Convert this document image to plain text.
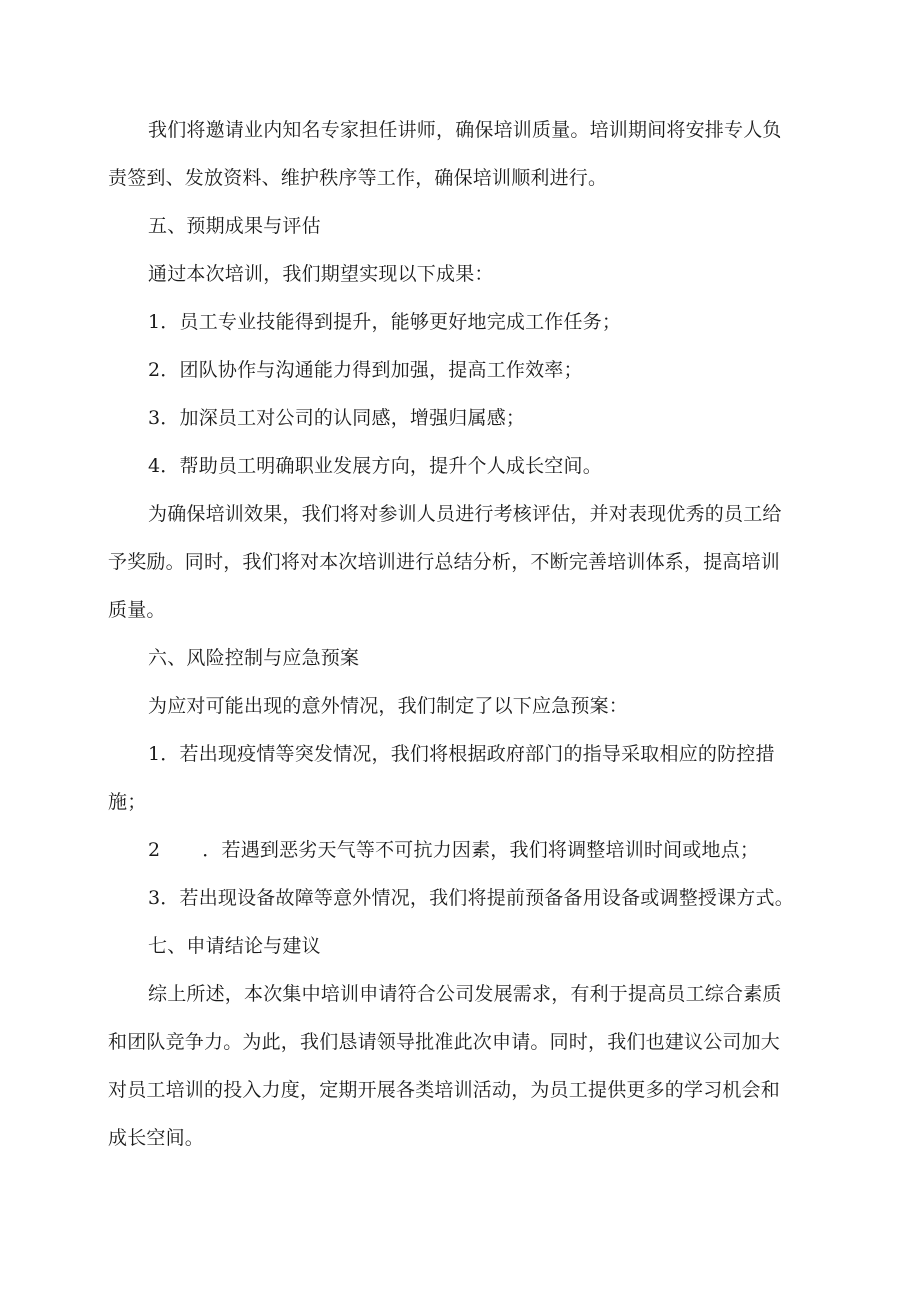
我们将邀请业内知名专家担任讲师，确保培训质量。培训期间将安排专人负
责签到、发放资料、维护秩序等工作，确保培训顺利进行。
五、预期成果与评估
通过本次培训，我们期望实现以下成果：
1．员工专业技能得到提升，能够更好地完成工作任务；
2．团队协作与沟通能力得到加强，提高工作效率；
3．加深员工对公司的认同感，增强归属感；
4．帮助员工明确职业发展方向，提升个人成长空间。
为确保培训效果，我们将对参训人员进行考核评估，并对表现优秀的员工给
予奖励。同时，我们将对本次培训进行总结分析，不断完善培训体系，提高培训
质量。
六、风险控制与应急预案
为应对可能出现的意外情况，我们制定了以下应急预案：
1．若出现疫情等突发情况，我们将根据政府部门的指导采取相应的防控措
施；
2 ．若遇到恶劣天气等不可抗力因素，我们将调整培训时间或地点；
3．若出现设备故障等意外情况，我们将提前预备备用设备或调整授课方式。
七、申请结论与建议
综上所述，本次集中培训申请符合公司发展需求，有利于提高员工综合素质
和团队竞争力。为此，我们恳请领导批准此次申请。同时，我们也建议公司加大
对员工培训的投入力度，定期开展各类培训活动，为员工提供更多的学习机会和
成长空间。
